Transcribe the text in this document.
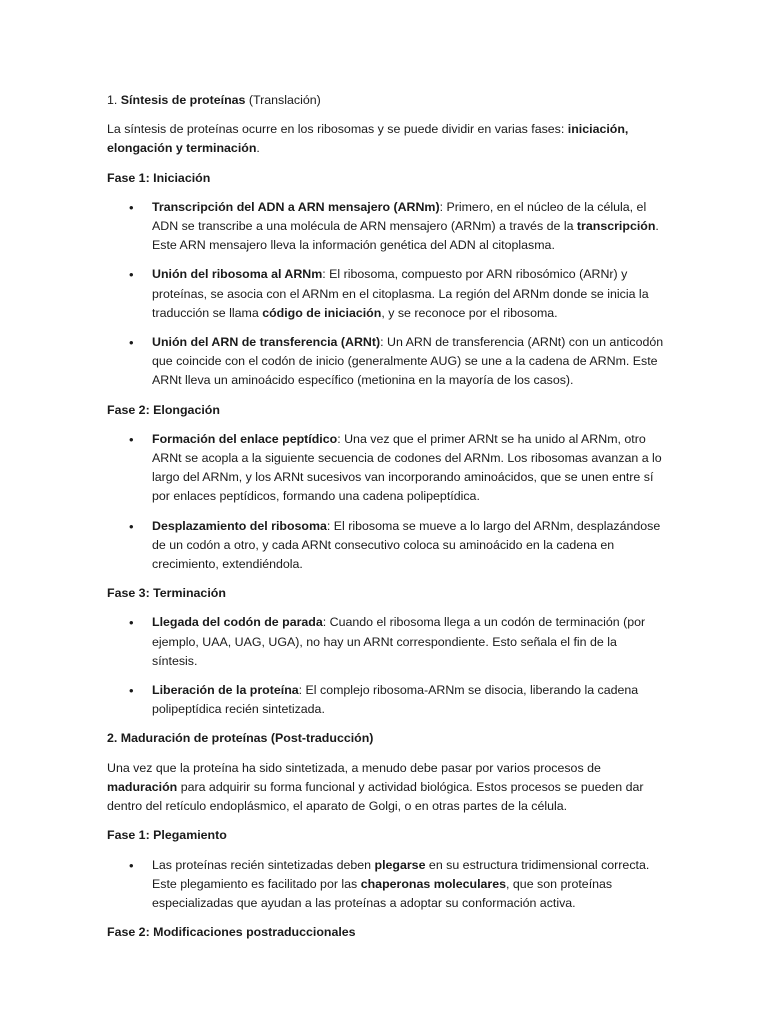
1. Síntesis de proteínas (Translación)

La síntesis de proteínas ocurre en los ribosomas y se puede dividir en varias fases: iniciación, elongación y terminación.

Fase 1: Iniciación

• Transcripción del ADN a ARN mensajero (ARNm): Primero, en el núcleo de la célula, el ADN se transcribe a una molécula de ARN mensajero (ARNm) a través de la transcripción. Este ARN mensajero lleva la información genética del ADN al citoplasma.
• Unión del ribosoma al ARNm: El ribosoma, compuesto por ARN ribosómico (ARNr) y proteínas, se asocia con el ARNm en el citoplasma. La región del ARNm donde se inicia la traducción se llama código de iniciación, y se reconoce por el ribosoma.
• Unión del ARN de transferencia (ARNt): Un ARN de transferencia (ARNt) con un anticodón que coincide con el codón de inicio (generalmente AUG) se une a la cadena de ARNm. Este ARNt lleva un aminoácido específico (metionina en la mayoría de los casos).

Fase 2: Elongación

• Formación del enlace peptídico: Una vez que el primer ARNt se ha unido al ARNm, otro ARNt se acopla a la siguiente secuencia de codones del ARNm. Los ribosomas avanzan a lo largo del ARNm, y los ARNt sucesivos van incorporando aminoácidos, que se unen entre sí por enlaces peptídicos, formando una cadena polipeptídica.
• Desplazamiento del ribosoma: El ribosoma se mueve a lo largo del ARNm, desplazándose de un codón a otro, y cada ARNt consecutivo coloca su aminoácido en la cadena en crecimiento, extendiéndola.

Fase 3: Terminación

• Llegada del codón de parada: Cuando el ribosoma llega a un codón de terminación (por ejemplo, UAA, UAG, UGA), no hay un ARNt correspondiente. Esto señala el fin de la síntesis.
• Liberación de la proteína: El complejo ribosoma-ARNm se disocia, liberando la cadena polipeptídica recién sintetizada.

2. Maduración de proteínas (Post-traducción)

Una vez que la proteína ha sido sintetizada, a menudo debe pasar por varios procesos de maduración para adquirir su forma funcional y actividad biológica. Estos procesos se pueden dar dentro del retículo endoplásmico, el aparato de Golgi, o en otras partes de la célula.

Fase 1: Plegamiento

• Las proteínas recién sintetizadas deben plegarse en su estructura tridimensional correcta. Este plegamiento es facilitado por las chaperonas moleculares, que son proteínas especializadas que ayudan a las proteínas a adoptar su conformación activa.

Fase 2: Modificaciones postraduccionales
